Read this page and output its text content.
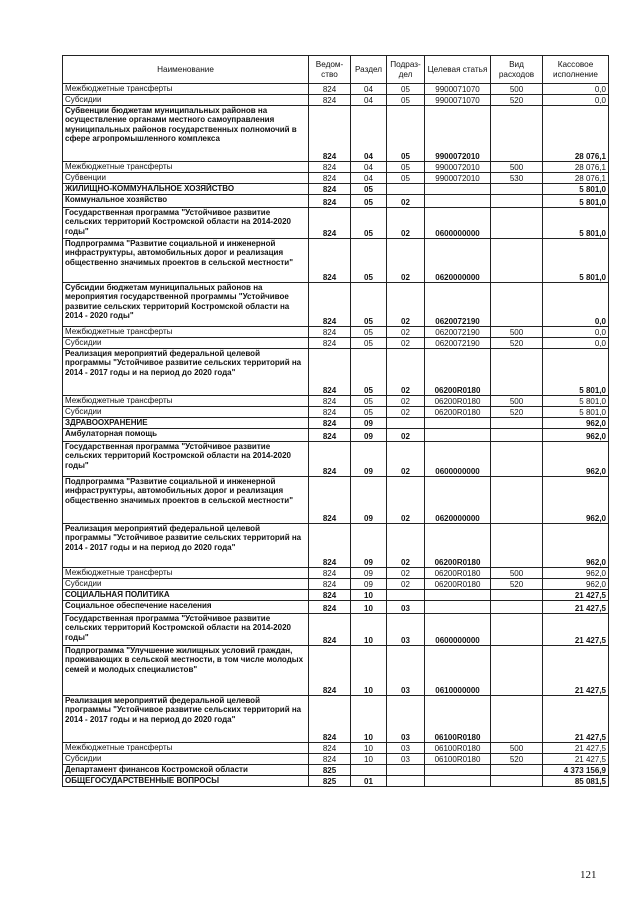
Наименование	Ведом-ство	Раздел	Подраз-дел	Целевая статья	Вид расходов	Кассовое исполнение
Межбюджетные трансферты	824	04	05	9900071070	500	0,0
Субсидии	824	04	05	9900071070	520	0,0
Субвенции бюджетам муниципальных районов на осуществление органами местного самоуправления муниципальных районов государственных полномочий в сфере агропромышленного комплекса	824	04	05	9900072010		28 076,1
Межбюджетные трансферты	824	04	05	9900072010	500	28 076,1
Субвенции	824	04	05	9900072010	530	28 076,1
ЖИЛИЩНО-КОММУНАЛЬНОЕ ХОЗЯЙСТВО	824	05				5 801,0
Коммунальное хозяйство	824	05	02			5 801,0
Государственная программа "Устойчивое развитие сельских территорий Костромской области на 2014-2020 годы"	824	05	02	0600000000		5 801,0
Подпрограмма "Развитие социальной и инженерной инфраструктуры, автомобильных дорог и реализация общественно значимых проектов в сельской местности"	824	05	02	0620000000		5 801,0
Субсидии бюджетам муниципальных районов на мероприятия государственной программы "Устойчивое развитие сельских территорий Костромской области на 2014 - 2020 годы"	824	05	02	0620072190		0,0
Межбюджетные трансферты	824	05	02	0620072190	500	0,0
Субсидии	824	05	02	0620072190	520	0,0
Реализация мероприятий федеральной целевой программы "Устойчивое развитие сельских территорий на 2014 - 2017 годы и на период до 2020 года"	824	05	02	06200R0180		5 801,0
Межбюджетные трансферты	824	05	02	06200R0180	500	5 801,0
Субсидии	824	05	02	06200R0180	520	5 801,0
ЗДРАВООХРАНЕНИЕ	824	09				962,0
Амбулаторная помощь	824	09	02			962,0
Государственная программа "Устойчивое развитие сельских территорий Костромской области на 2014-2020 годы"	824	09	02	0600000000		962,0
Подпрограмма "Развитие социальной и инженерной инфраструктуры, автомобильных дорог и реализация общественно значимых проектов в сельской местности"	824	09	02	0620000000		962,0
Реализация мероприятий федеральной целевой программы "Устойчивое развитие сельских территорий на 2014 - 2017 годы и на период до 2020 года"	824	09	02	06200R0180		962,0
Межбюджетные трансферты	824	09	02	06200R0180	500	962,0
Субсидии	824	09	02	06200R0180	520	962,0
СОЦИАЛЬНАЯ ПОЛИТИКА	824	10				21 427,5
Социальное обеспечение населения	824	10	03			21 427,5
Государственная программа "Устойчивое развитие сельских территорий Костромской области на 2014-2020 годы"	824	10	03	0600000000		21 427,5
Подпрограмма "Улучшение жилищных условий граждан, проживающих в сельской местности, в том числе молодых семей и молодых специалистов"	824	10	03	0610000000		21 427,5
Реализация мероприятий федеральной целевой программы "Устойчивое развитие сельских территорий на 2014 - 2017 годы и на период до 2020 года"	824	10	03	06100R0180		21 427,5
Межбюджетные трансферты	824	10	03	06100R0180	500	21 427,5
Субсидии	824	10	03	06100R0180	520	21 427,5
Департамент финансов Костромской области	825					4 373 156,9
ОБЩЕГОСУДАРСТВЕННЫЕ ВОПРОСЫ	825	01				85 081,5
121
